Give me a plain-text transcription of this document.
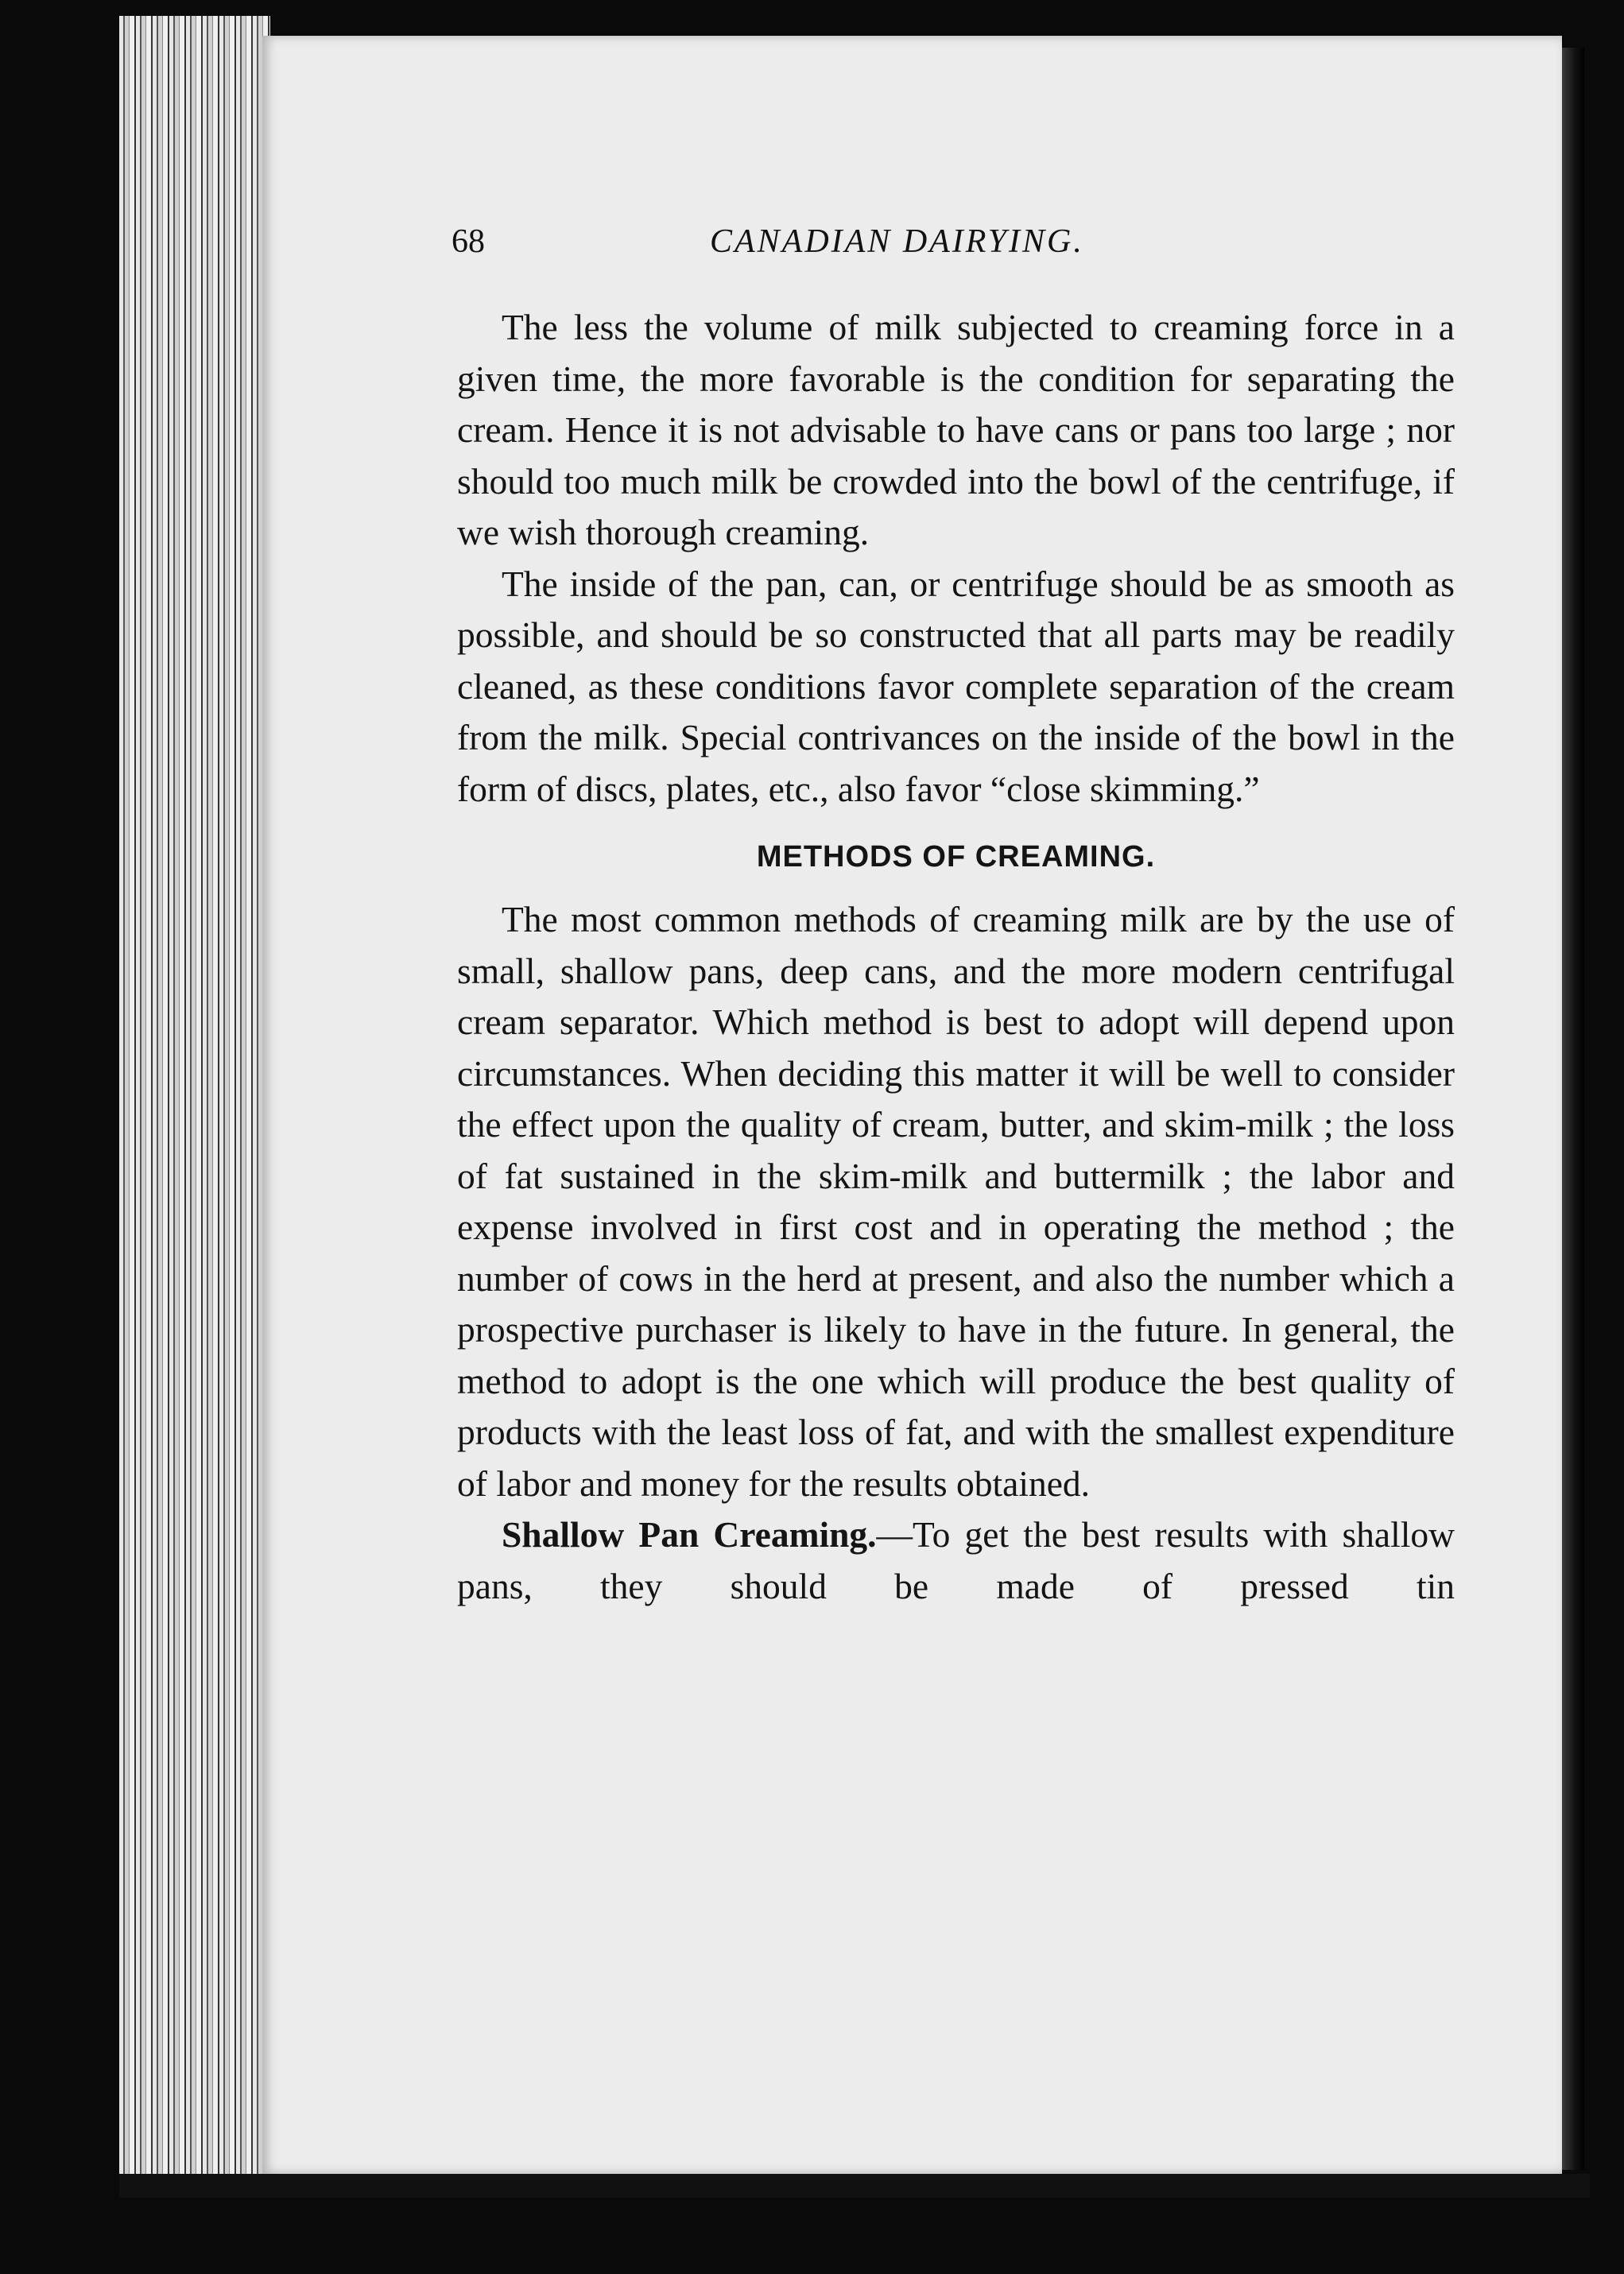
68	CANADIAN DAIRYING.

The less the volume of milk subjected to creaming force in a given time, the more favorable is the condition for separating the cream. Hence it is not advisable to have cans or pans too large ; nor should too much milk be crowded into the bowl of the centrifuge, if we wish thorough creaming.

The inside of the pan, can, or centrifuge should be as smooth as possible, and should be so constructed that all parts may be readily cleaned, as these conditions favor complete separation of the cream from the milk. Special contrivances on the inside of the bowl in the form of discs, plates, etc., also favor “close skimming.”

METHODS OF CREAMING.

The most common methods of creaming milk are by the use of small, shallow pans, deep cans, and the more modern centrifugal cream separator. Which method is best to adopt will depend upon circumstances. When deciding this matter it will be well to consider the effect upon the quality of cream, butter, and skim-milk ; the loss of fat sustained in the skim-milk and buttermilk ; the labor and expense involved in first cost and in operating the method ; the number of cows in the herd at present, and also the number which a prospective purchaser is likely to have in the future. In general, the method to adopt is the one which will produce the best quality of products with the least loss of fat, and with the smallest expenditure of labor and money for the results obtained.

Shallow Pan Creaming.—To get the best results with shallow pans, they should be made of pressed tin
